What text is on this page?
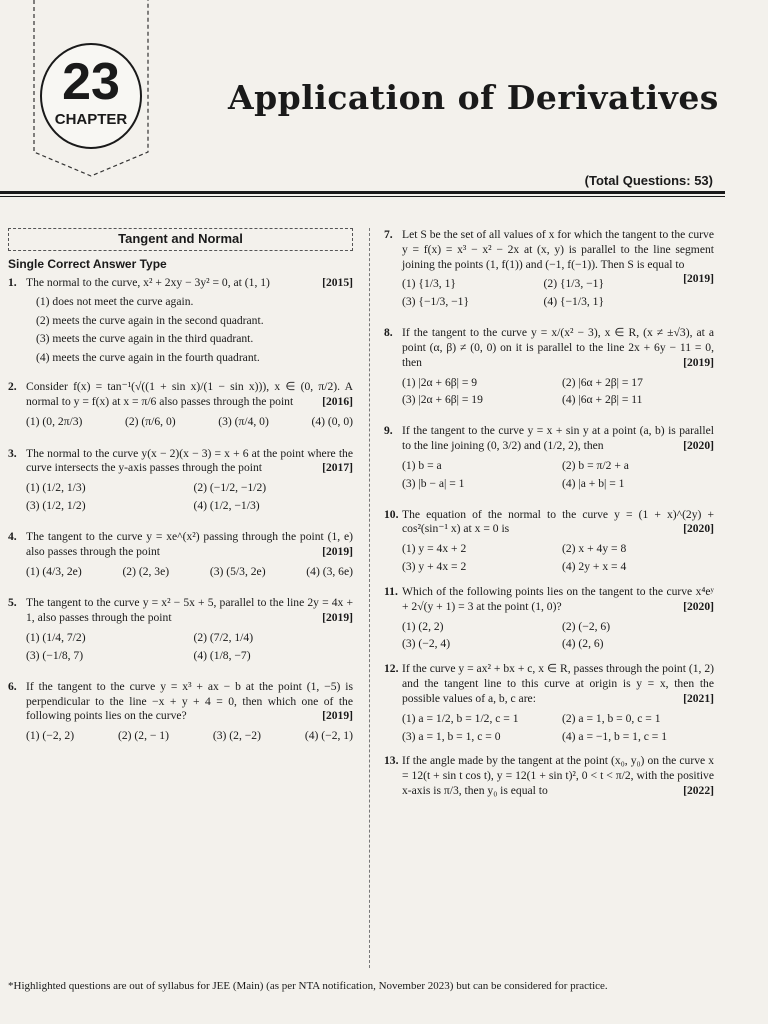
23
CHAPTER
Application of Derivatives
(Total Questions: 53)
Tangent and Normal
Single Correct Answer Type
1. The normal to the curve, x² + 2xy − 3y² = 0, at (1, 1)	[2015]
(1) does not meet the curve again.
(2) meets the curve again in the second quadrant.
(3) meets the curve again in the third quadrant.
(4) meets the curve again in the fourth quadrant.
2. Consider f(x) = tan⁻¹(√((1 + sin x)/(1 − sin x))), x ∈ (0, π/2). A normal to y = f(x) at x = π/6 also passes through the point [2016]
(1) (0, 2π/3)	(2) (π/6, 0)	(3) (π/4, 0)	(4) (0, 0)
3. The normal to the curve y(x − 2)(x − 3) = x + 6 at the point where the curve intersects the y-axis passes through the point	[2017]
(1) (1/2, 1/3)	(2) (−1/2, −1/2)
(3) (1/2, 1/2)	(4) (1/2, −1/3)
4. The tangent to the curve y = xe^(x²) passing through the point (1, e) also passes through the point	[2019]
(1) (4/3, 2e)	(2) (2, 3e)	(3) (5/3, 2e)	(4) (3, 6e)
5. The tangent to the curve y = x² − 5x + 5, parallel to the line 2y = 4x + 1, also passes through the point	[2019]
(1) (1/4, 7/2)	(2) (7/2, 1/4)
(3) (−1/8, 7)	(4) (1/8, −7)
6. If the tangent to the curve y = x³ + ax − b at the point (1, −5) is perpendicular to the line −x + y + 4 = 0, then which one of the following points lies on the curve?	[2019]
(1) (−2, 2)	(2) (2, − 1)	(3) (2, −2)	(4) (−2, 1)
7. Let S be the set of all values of x for which the tangent to the curve y = f(x) = x³ − x² − 2x at (x, y) is parallel to the line segment joining the points (1, f(1)) and (−1, f(−1)). Then S is equal to
[2019]
(1) {1/3, 1}	(2) {1/3, −1}
(3) {−1/3, −1}	(4) {−1/3, 1}
8. If the tangent to the curve y = x/(x² − 3), x ∈ R, (x ≠ ±√3), at a point (α, β) ≠ (0, 0) on it is parallel to the line 2x + 6y − 11 = 0, then	[2019]
(1) |2α + 6β| = 9	(2) |6α + 2β| = 17
(3) |2α + 6β| = 19	(4) |6α + 2β| = 11
9. If the tangent to the curve y = x + sin y at a point (a, b) is parallel to the line joining (0, 3/2) and (1/2, 2), then	[2020]
(1) b = a	(2) b = π/2 + a
(3) |b − a| = 1	(4) |a + b| = 1
10. The equation of the normal to the curve y = (1 + x)^(2y) + cos²(sin⁻¹ x) at x = 0 is	[2020]
(1) y = 4x + 2	(2) x + 4y = 8
(3) y + 4x = 2	(4) 2y + x = 4
11. Which of the following points lies on the tangent to the curve x⁴eʸ + 2√(y + 1) = 3 at the point (1, 0)?	[2020]
(1) (2, 2)	(2) (−2, 6)
(3) (−2, 4)	(4) (2, 6)
12. If the curve y = ax² + bx + c, x ∈ R, passes through the point (1, 2) and the tangent line to this curve at origin is y = x, then the possible values of a, b, c are:	[2021]
(1) a = 1/2, b = 1/2, c = 1	(2) a = 1, b = 0, c = 1
(3) a = 1, b = 1, c = 0	(4) a = −1, b = 1, c = 1
13. If the angle made by the tangent at the point (x₀, y₀) on the curve x = 12(t + sin t cos t), y = 12(1 + sin t)², 0 < t < π/2, with the positive x-axis is π/3, then y₀ is equal to	[2022]
*Highlighted questions are out of syllabus for JEE (Main) (as per NTA notification, November 2023) but can be considered for practice.
